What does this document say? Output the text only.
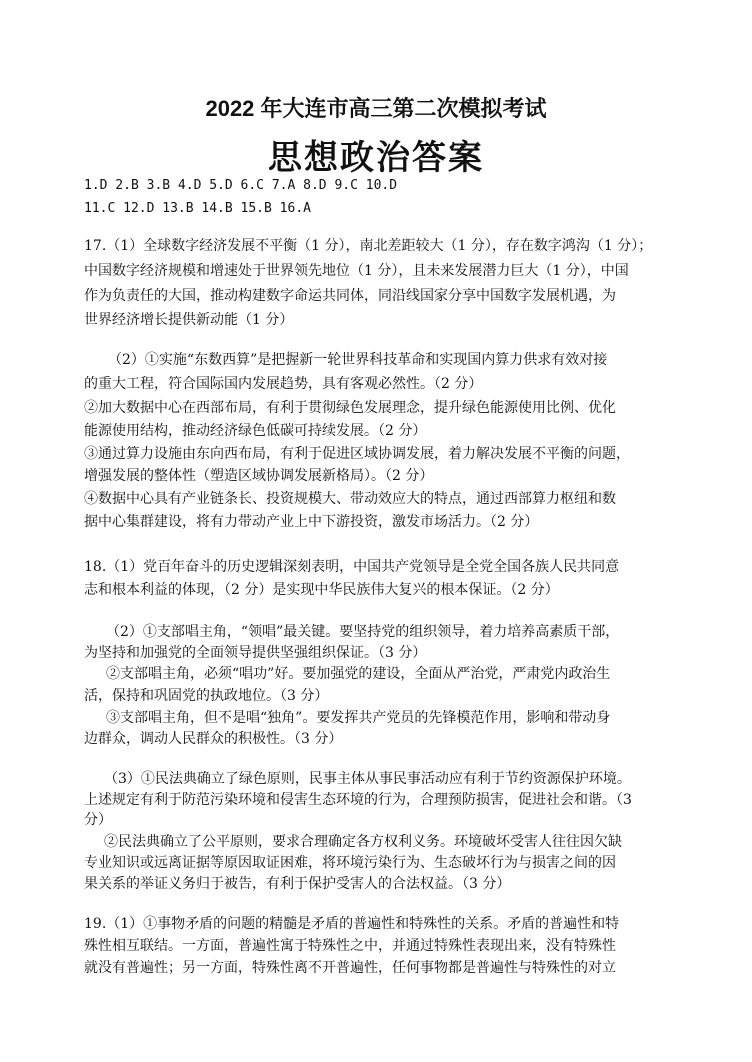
2022 年大连市高三第二次模拟考试
思想政治答案
1.D 2.B 3.B 4.D 5.D 6.C 7.A 8.D 9.C 10.D
11.C 12.D 13.B 14.B 15.B 16.A
17.（1）全球数字经济发展不平衡（1 分），南北差距较大（1 分），存在数字鸿沟（1 分）；
中国数字经济规模和增速处于世界领先地位（1 分），且未来发展潜力巨大（1 分），中国
作为负责任的大国，推动构建数字命运共同体，同沿线国家分享中国数字发展机遇，为
世界经济增长提供新动能（1 分）
（2）①实施“东数西算”是把握新一轮世界科技革命和实现国内算力供求有效对接
的重大工程，符合国际国内发展趋势，具有客观必然性。（2 分）
②加大数据中心在西部布局，有利于贯彻绿色发展理念，提升绿色能源使用比例、优化
能源使用结构，推动经济绿色低碳可持续发展。（2 分）
③通过算力设施由东向西布局，有利于促进区域协调发展，着力解决发展不平衡的问题，
增强发展的整体性（塑造区域协调发展新格局）。（2 分）
④数据中心具有产业链条长、投资规模大、带动效应大的特点，通过西部算力枢纽和数
据中心集群建设，将有力带动产业上中下游投资，激发市场活力。（2 分）
18.（1）党百年奋斗的历史逻辑深刻表明，中国共产党领导是全党全国各族人民共同意
志和根本利益的体现，（2 分）是实现中华民族伟大复兴的根本保证。（2 分）
（2）①支部唱主角，“领唱”最关键。要坚持党的组织领导，着力培养高素质干部，
为坚持和加强党的全面领导提供坚强组织保证。（3 分）
②支部唱主角，必须“唱功”好。要加强党的建设，全面从严治党，严肃党内政治生
活，保持和巩固党的执政地位。（3 分）
③支部唱主角，但不是唱“独角”。要发挥共产党员的先锋模范作用，影响和带动身
边群众，调动人民群众的积极性。（3 分）
（3）①民法典确立了绿色原则，民事主体从事民事活动应有利于节约资源保护环境。
上述规定有利于防范污染环境和侵害生态环境的行为，合理预防损害，促进社会和谐。（3
分）
②民法典确立了公平原则，要求合理确定各方权利义务。环境破坏受害人往往因欠缺
专业知识或远离证据等原因取证困难，将环境污染行为、生态破坏行为与损害之间的因
果关系的举证义务归于被告，有利于保护受害人的合法权益。（3 分）
19.（1）①事物矛盾的问题的精髓是矛盾的普遍性和特殊性的关系。矛盾的普遍性和特
殊性相互联结。一方面，普遍性寓于特殊性之中，并通过特殊性表现出来，没有特殊性
就没有普遍性；另一方面，特殊性离不开普遍性，任何事物都是普遍性与特殊性的对立
